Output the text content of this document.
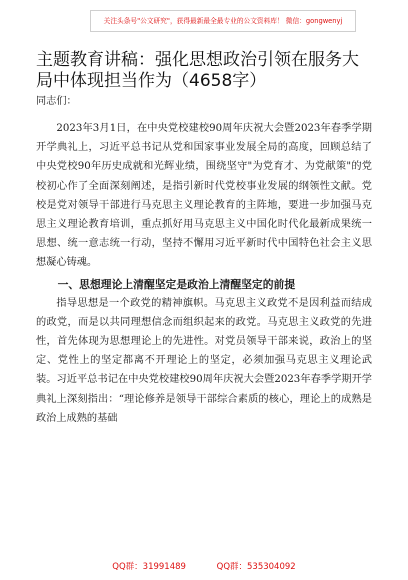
关注头条号"公文研究"，获得最新最全最专业的公文资料库！ 微信：gongwenyj
主题教育讲稿：强化思想政治引领在服务大局中体现担当作为（4658字）
同志们：

2023年3月1日，在中央党校建校90周年庆祝大会暨2023年春季学期开学典礼上，习近平总书记从党和国家事业发展全局的高度，回顾总结了中央党校90年历史成就和光辉业绩，围绕坚守"为党育才、为党献策"的党校初心作了全面深刻阐述，是指引新时代党校事业发展的纲领性文献。党校是党对领导干部进行马克思主义理论教育的主阵地，要进一步加强马克思主义理论教育培训，重点抓好用马克思主义中国化时代化最新成果统一思想、统一意志统一行动，坚持不懈用习近平新时代中国特色社会主义思想凝心铸魂。

一、思想理论上清醒坚定是政治上清醒坚定的前提

指导思想是一个政党的精神旗帜。马克思主义政党不是因利益而结成的政党，而是以共同理想信念而组织起来的政党。马克思主义政党的先进性，首先体现为思想理论上的先进性。对党员领导干部来说，政治上的坚定、党性上的坚定都离不开理论上的坚定，必须加强马克思主义理论武装。习近平总书记在中央党校建校90周年庆祝大会暨2023年春季学期开学典礼上深刻指出：“理论修养是领导干部综合素质的核心，理论上的成熟是政治上成熟的基础

QQ群：31991489	QQ群：535304092
